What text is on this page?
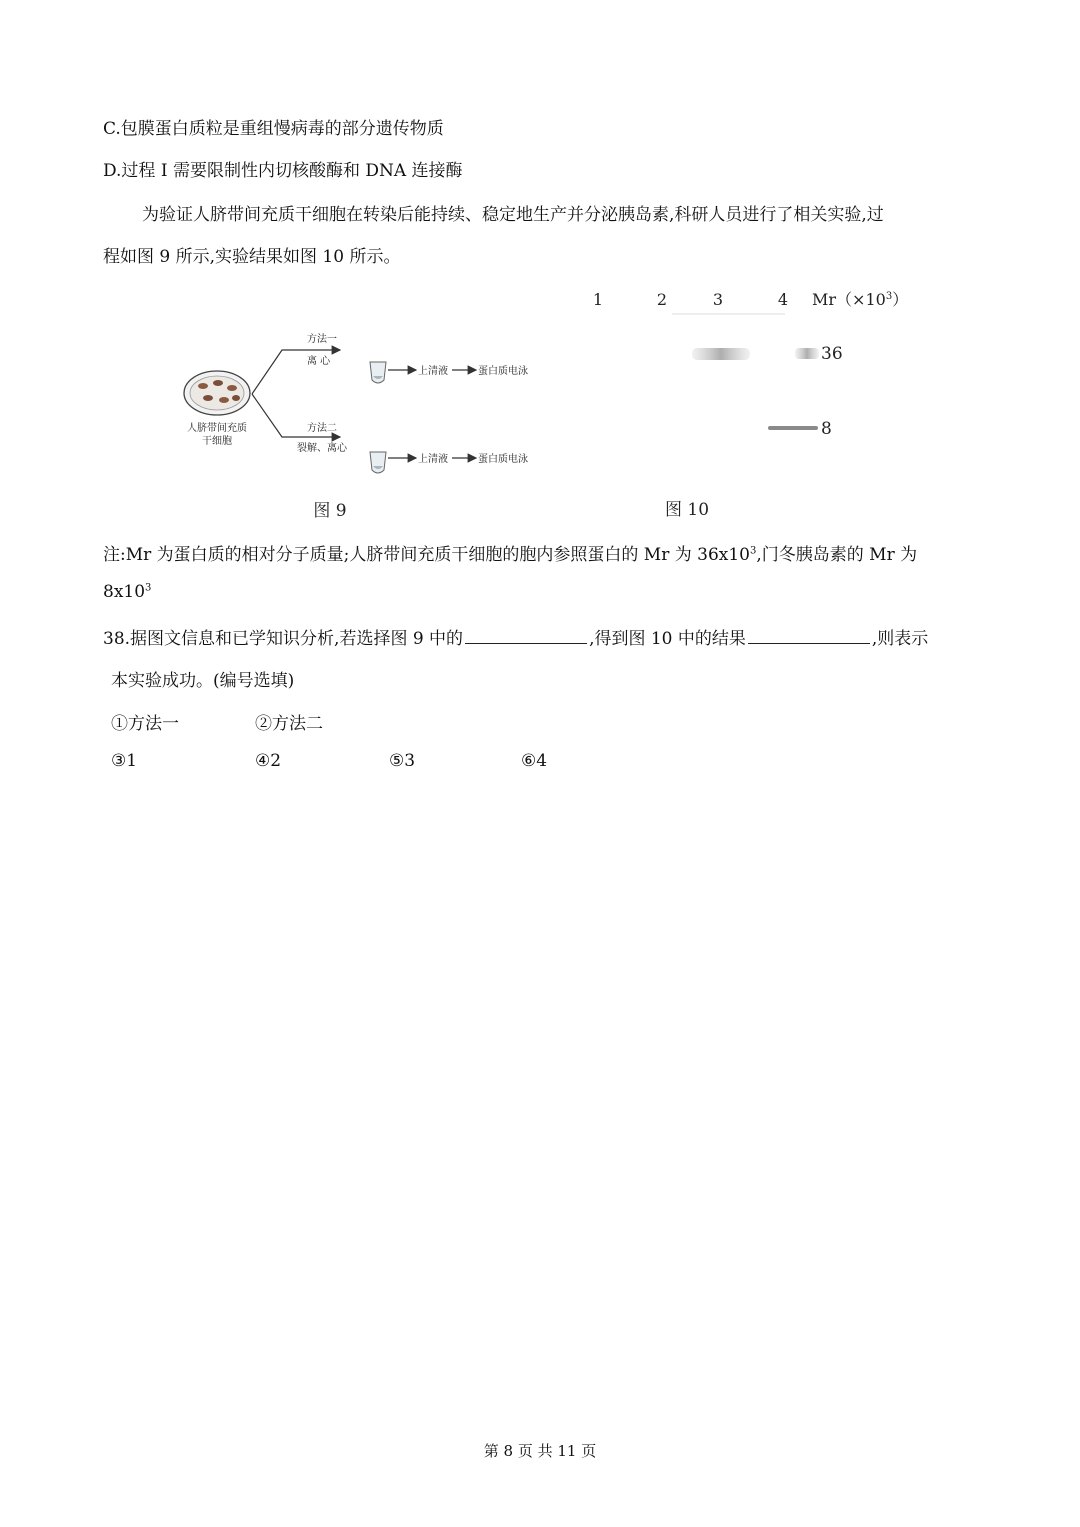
C.包膜蛋白质粒是重组慢病毒的部分遗传物质
D.过程 I 需要限制性内切核酸酶和 DNA 连接酶
为验证人脐带间充质干细胞在转染后能持续、稳定地生产并分泌胰岛素,科研人员进行了相关实验,过
程如图 9 所示,实验结果如图 10 所示。
人脐带间充质
干细胞
方法一
离 心
方法二
裂解、离心
上清液	蛋白质电泳
上清液	蛋白质电泳
图 9
1	2	3	4 $Mr(\times 10^3)$
36
8
图 10
注:Mr 为蛋白质的相对分子质量;人脐带间充质干细胞的胞内参照蛋白的 Mr 为 $36x10^3$,门冬胰岛素的 Mr 为
$8x10^3$
38.据图文信息和已学知识分析,若选择图 9 中的	,得到图 10 中的结果	,则表示
本实验成功。(编号选填)
①方法一	②方法二
③1	④2	⑤3	⑥4
第 8 页 共 11 页
